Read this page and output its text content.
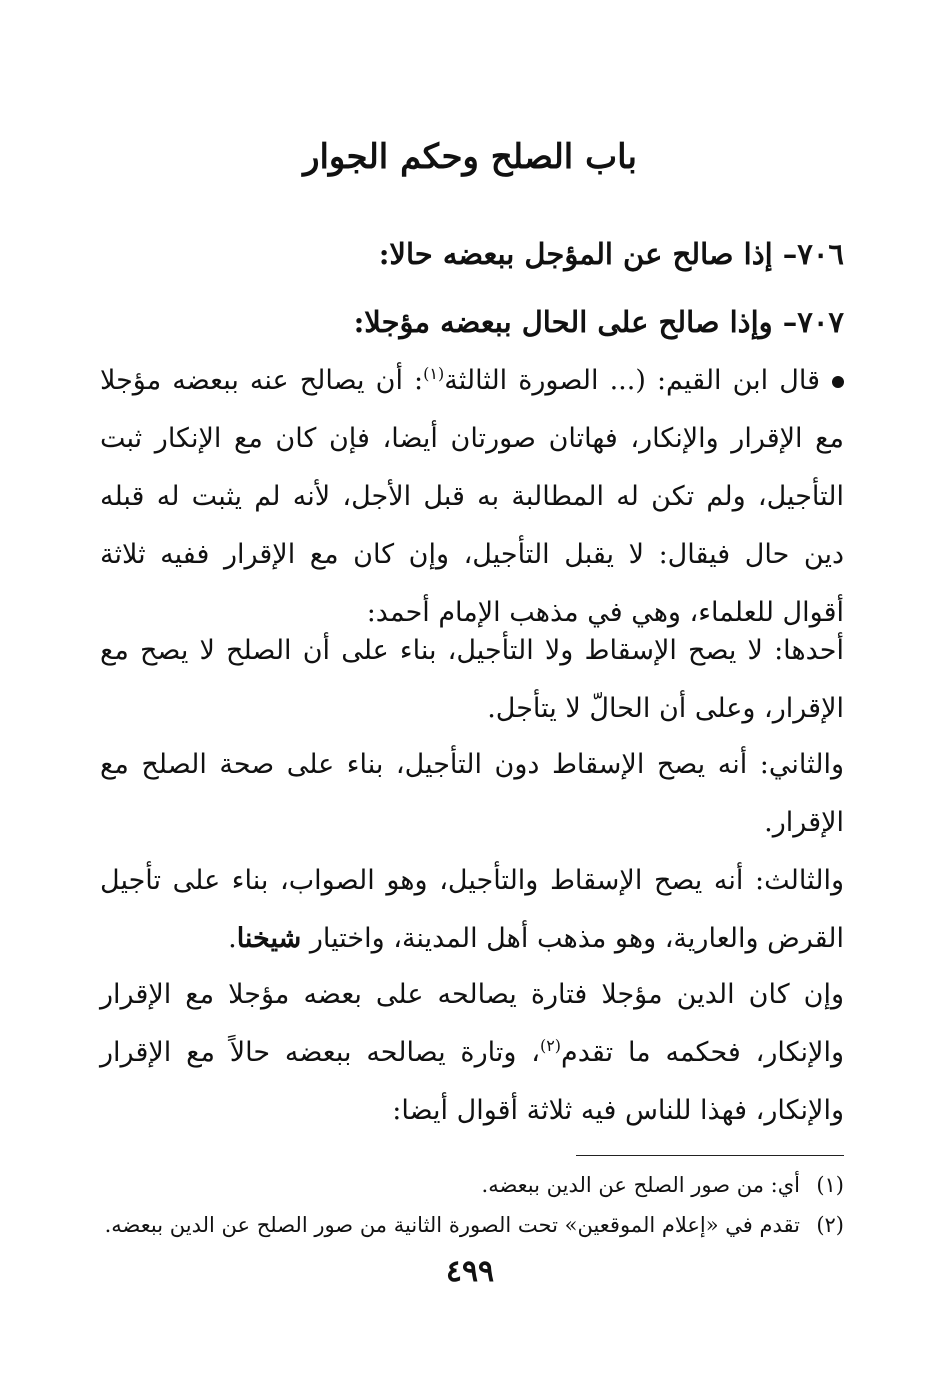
باب الصلح وحكم الجوار

٧٠٦– إذا صالح عن المؤجل ببعضه حالا:

٧٠٧– وإذا صالح على الحال ببعضه مؤجلا:

قال ابن القيم: (... الصورة الثالثة$^{(١)}$: أن يصالح عنه ببعضه مؤجلا مع الإقرار والإنكار، فهاتان صورتان أيضا، فإن كان مع الإنكار ثبت التأجيل، ولم تكن له المطالبة به قبل الأجل، لأنه لم يثبت له قبله دين حال فيقال: لا يقبل التأجيل، وإن كان مع الإقرار ففيه ثلاثة أقوال للعلماء، وهي في مذهب الإمام أحمد:

أحدها: لا يصح الإسقاط ولا التأجيل، بناء على أن الصلح لا يصح مع الإقرار، وعلى أن الحالّ لا يتأجل.

والثاني: أنه يصح الإسقاط دون التأجيل، بناء على صحة الصلح مع الإقرار.

والثالث: أنه يصح الإسقاط والتأجيل، وهو الصواب، بناء على تأجيل القرض والعارية، وهو مذهب أهل المدينة، واختيار شيخنا.

وإن كان الدين مؤجلا فتارة يصالحه على بعضه مؤجلا مع الإقرار والإنكار، فحكمه ما تقدم$^{(٢)}$، وتارة يصالحه ببعضه حالاً مع الإقرار والإنكار، فهذا للناس فيه ثلاثة أقوال أيضا:

(١)أي: من صور الصلح عن الدين ببعضه.
(٢)تقدم في «إعلام الموقعين» تحت الصورة الثانية من صور الصلح عن الدين ببعضه.
٤٩٩
